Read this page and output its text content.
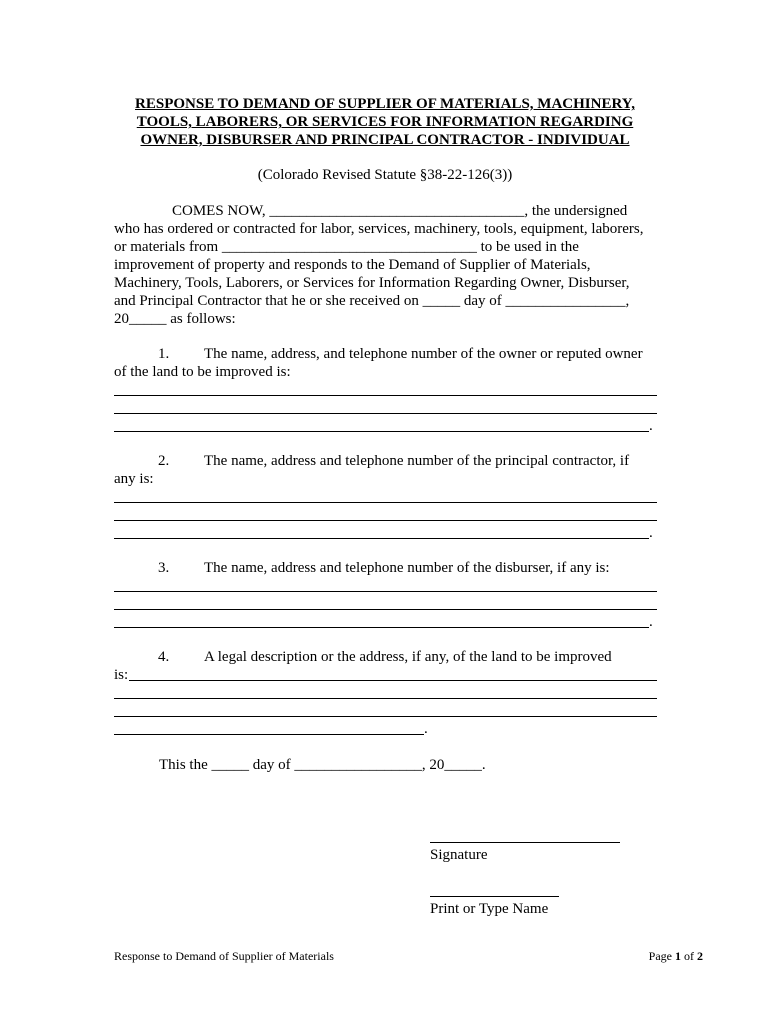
RESPONSE TO DEMAND OF SUPPLIER OF MATERIALS, MACHINERY,
TOOLS, LABORERS, OR SERVICES FOR INFORMATION REGARDING
OWNER, DISBURSER AND PRINCIPAL CONTRACTOR - INDIVIDUAL
(Colorado Revised Statute §38-22-126(3))
COMES NOW, __________________________________, the undersigned
who has ordered or contracted for labor, services, machinery, tools, equipment, laborers,
or materials from __________________________________ to be used in the
improvement of property and responds to the Demand of Supplier of Materials,
Machinery, Tools, Laborers, or Services for Information Regarding Owner, Disburser,
and Principal Contractor that he or she received on _____ day of ________________,
20_____ as follows:
1. The name, address, and telephone number of the owner or reputed owner
of the land to be improved is:
.
2. The name, address and telephone number of the principal contractor, if
any is:
.
3. The name, address and telephone number of the disburser, if any is:
.
4. A legal description or the address, if any, of the land to be improved
is:
.
This the _____ day of _________________, 20_____.
Signature
Print or Type Name
Response to Demand of Supplier of Materials	Page 1 of 2
